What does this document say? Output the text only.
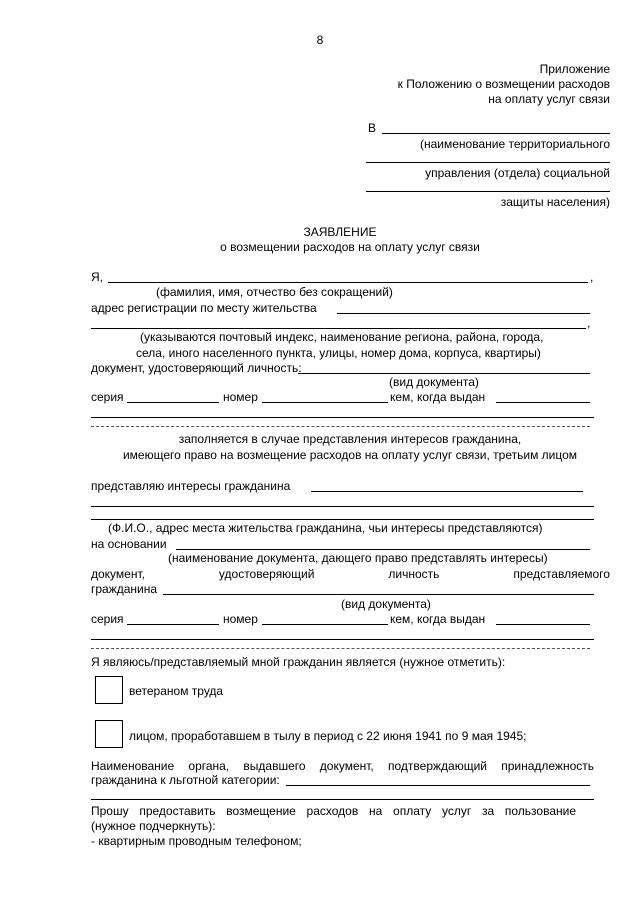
8
Приложение
к Положению о возмещении расходов
на оплату услуг связи
В
(наименование территориального
управления (отдела) социальной
защиты населения)
ЗАЯВЛЕНИЕ
о возмещении расходов на оплату услуг связи
Я,	,
(фамилия, имя, отчество без сокращений)
адрес регистрации по месту жительства
,
(указываются почтовый индекс, наименование региона, района, города,
села, иного населенного пункта, улицы, номер дома, корпуса, квартиры)
документ, удостоверяющий личность:
(вид документа)
серия	номер	кем, когда выдан
заполняется в случае представления интересов гражданина,
имеющего право на возмещение расходов на оплату услуг связи, третьим лицом
представляю интересы гражданина
(Ф.И.О., адрес места жительства гражданина, чьи интересы представляются)
на основании
(наименование документа, дающего право представлять интересы)
документ,	удостоверяющий	личность	представляемого
гражданина
(вид документа)
серия	номер	кем, когда выдан
Я являюсь/представляемый мной гражданин является (нужное отметить):
ветераном труда
лицом, проработавшем в тылу в период с 22 июня 1941 по 9 мая 1945;
Наименование органа, выдавшего документ, подтверждающий принадлежность
гражданина к льготной категории:
Прошу предоставить возмещение расходов на оплату услуг за пользование
(нужное подчеркнуть):
- квартирным проводным телефоном;
